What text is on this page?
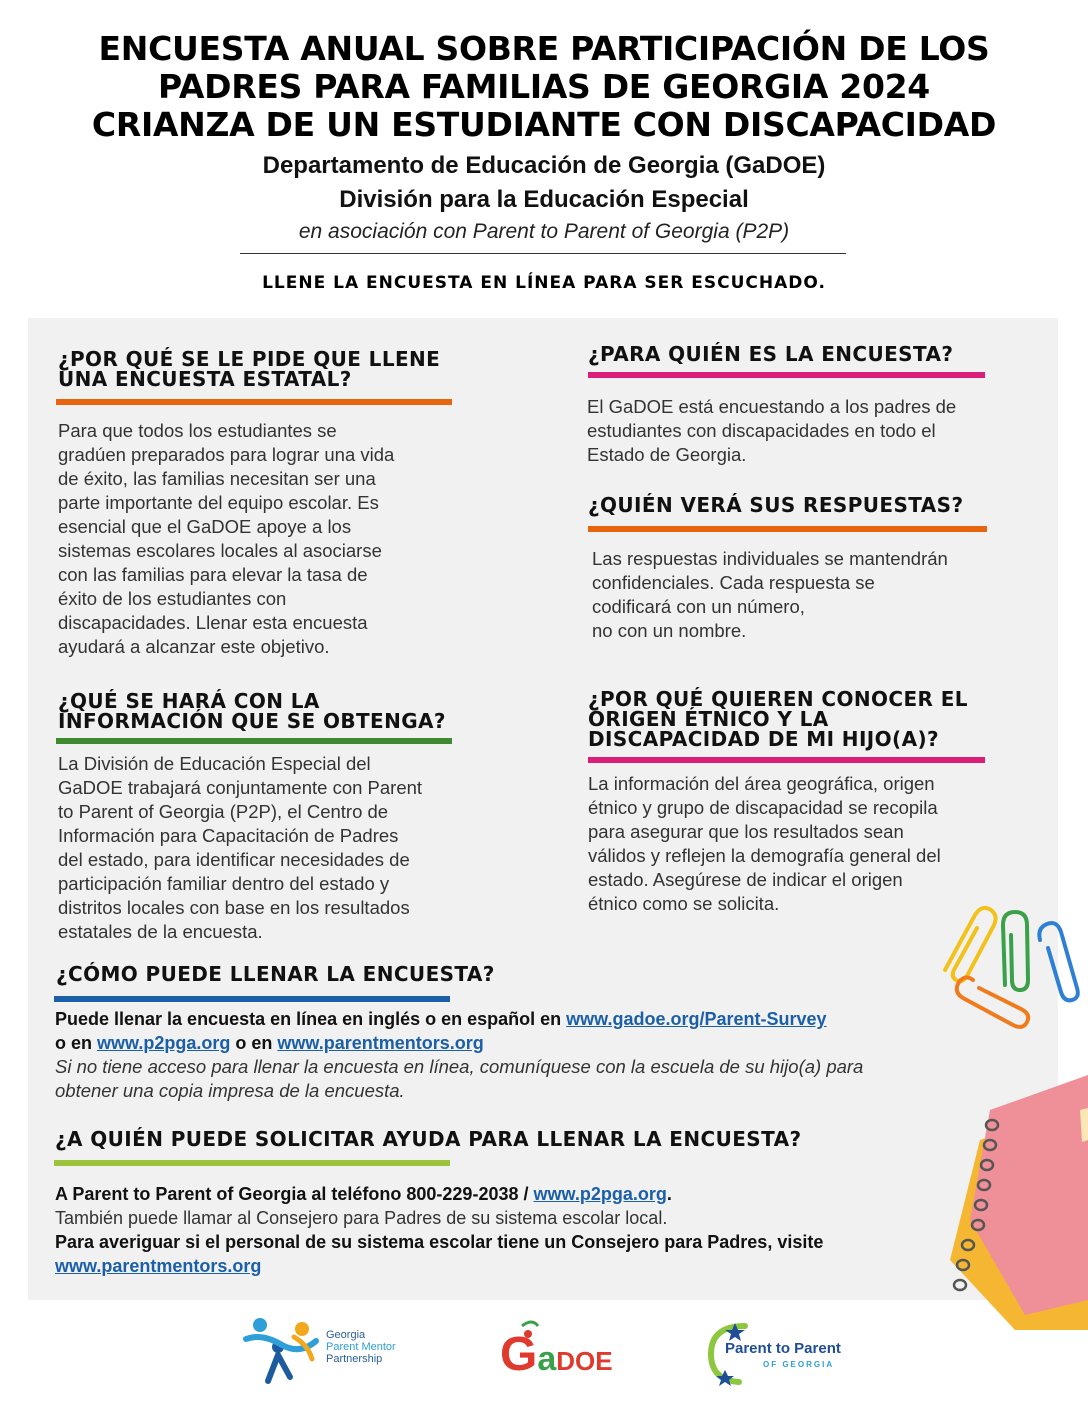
ENCUESTA ANUAL SOBRE PARTICIPACIÓN DE LOS
PADRES PARA FAMILIAS DE GEORGIA 2024
CRIANZA DE UN ESTUDIANTE CON DISCAPACIDAD
Departamento de Educación de Georgia (GaDOE)
División para la Educación Especial
en asociación con Parent to Parent of Georgia (P2P)
LLENE LA ENCUESTA EN LÍNEA PARA SER ESCUCHADO.
¿POR QUÉ SE LE PIDE QUE LLENE
UNA ENCUESTA ESTATAL?
Para que todos los estudiantes se
gradúen preparados para lograr una vida
de éxito, las familias necesitan ser una
parte importante del equipo escolar. Es
esencial que el GaDOE apoye a los
sistemas escolares locales al asociarse
con las familias para elevar la tasa de
éxito de los estudiantes con
discapacidades. Llenar esta encuesta
ayudará a alcanzar este objetivo.
¿PARA QUIÉN ES LA ENCUESTA?
El GaDOE está encuestando a los padres de
estudiantes con discapacidades en todo el
Estado de Georgia.
¿QUIÉN VERÁ SUS RESPUESTAS?
Las respuestas individuales se mantendrán
confidenciales. Cada respuesta se
codificará con un número,
no con un nombre.
¿QUÉ SE HARÁ CON LA
INFORMACIÓN QUE SE OBTENGA?
La División de Educación Especial del
GaDOE trabajará conjuntamente con Parent
to Parent of Georgia (P2P), el Centro de
Información para Capacitación de Padres
del estado, para identificar necesidades de
participación familiar dentro del estado y
distritos locales con base en los resultados
estatales de la encuesta.
¿POR QUÉ QUIEREN CONOCER EL
ORIGEN ÉTNICO Y LA
DISCAPACIDAD DE MI HIJO(A)?
La información del área geográfica, origen
étnico y grupo de discapacidad se recopila
para asegurar que los resultados sean
válidos y reflejen la demografía general del
estado. Asegúrese de indicar el origen
étnico como se solicita.
¿CÓMO PUEDE LLENAR LA ENCUESTA?
Puede llenar la encuesta en línea en inglés o en español en www.gadoe.org/Parent-Survey
o en www.p2pga.org o en www.parentmentors.org
Si no tiene acceso para llenar la encuesta en línea, comuníquese con la escuela de su hijo(a) para
obtener una copia impresa de la encuesta.
¿A QUIÉN PUEDE SOLICITAR AYUDA PARA LLENAR LA ENCUESTA?
A Parent to Parent of Georgia al teléfono 800-229-2038 / www.p2pga.org.
También puede llamar al Consejero para Padres de su sistema escolar local.
Para averiguar si el personal de su sistema escolar tiene un Consejero para Padres, visite
www.parentmentors.org
Georgia
Parent Mentor
Partnership GaDOE	Parent to Parent
OF GEORGIA
